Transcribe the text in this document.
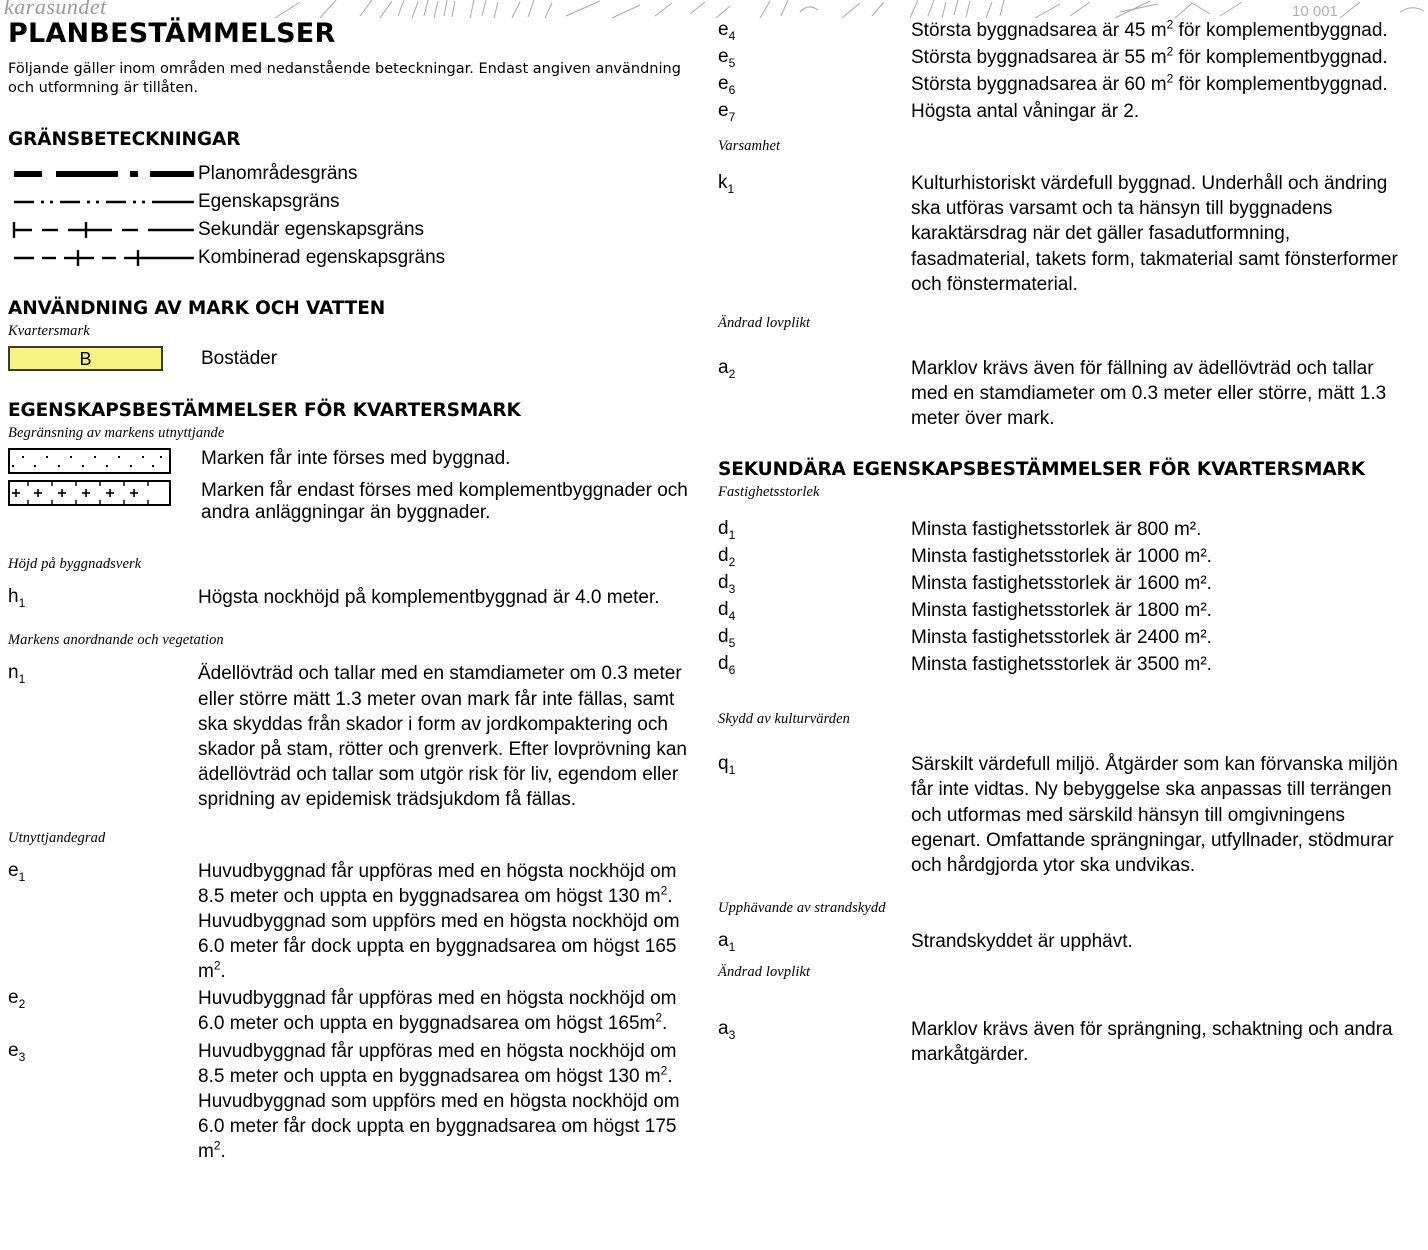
10 001
karasundet
PLANBESTÄMMELSER

Följande gäller inom områden med nedanstående beteckningar. Endast angiven användning och utformning är tillåten.

GRÄNSBETECKNINGAR
Planområdesgräns
Egenskapsgräns
Sekundär egenskapsgräns
Kombinerad egenskapsgräns
ANVÄNDNING AV MARK OCH VATTEN
Kvartersmark
B	Bostäder
EGENSKAPSBESTÄMMELSER FÖR KVARTERSMARK
Begränsning av markens utnyttjande
Marken får inte förses med byggnad.
Marken får endast förses med komplementbyggnader och andra anläggningar än byggnader.
Höjd på byggnadsverk
$h_1$	Högsta nockhöjd på komplementbyggnad är 4.0 meter.
Markens anordnande och vegetation
$n_1$	Ädellövträd och tallar med en stamdiameter om 0.3 meter eller större mätt 1.3 meter ovan mark får inte fällas, samt ska skyddas från skador i form av jordkompaktering och skador på stam, rötter och grenverk. Efter lovprövning kan ädellövträd och tallar som utgör risk för liv, egendom eller spridning av epidemisk trädsjukdom få fällas.
Utnyttjandegrad
$e_1$	Huvudbyggnad får uppföras med en högsta nockhöjd om 8.5 meter och uppta en byggnadsarea om högst 130 $m^2$. Huvudbyggnad som uppförs med en högsta nockhöjd om 6.0 meter får dock uppta en byggnadsarea om högst 165 $m^2$.
$e_2$	Huvudbyggnad får uppföras med en högsta nockhöjd om 6.0 meter och uppta en byggnadsarea om högst $165m^2$.
$e_3$	Huvudbyggnad får uppföras med en högsta nockhöjd om 8.5 meter och uppta en byggnadsarea om högst 130 $m^2$. Huvudbyggnad som uppförs med en högsta nockhöjd om 6.0 meter får dock uppta en byggnadsarea om högst 175 $m^2$.
$e_4$	Största byggnadsarea är 45 $m^2$ för komplementbyggnad.
$e_5$	Största byggnadsarea är 55 $m^2$ för komplementbyggnad.
$e_6$	Största byggnadsarea är 60 $m^2$ för komplementbyggnad.
$e_7$	Högsta antal våningar är 2.
Varsamhet
$k_1$	Kulturhistoriskt värdefull byggnad. Underhåll och ändring ska utföras varsamt och ta hänsyn till byggnadens karaktärsdrag när det gäller fasadutformning, fasadmaterial, takets form, takmaterial samt fönsterformer och fönstermaterial.
Ändrad lovplikt
$a_2$	Marklov krävs även för fällning av ädellövträd och tallar med en stamdiameter om 0.3 meter eller större, mätt 1.3 meter över mark.
SEKUNDÄRA EGENSKAPSBESTÄMMELSER FÖR KVARTERSMARK
Fastighetsstorlek
$d_1$	Minsta fastighetsstorlek är 800 m².
$d_2$	Minsta fastighetsstorlek är 1000 m².
$d_3$	Minsta fastighetsstorlek är 1600 m².
$d_4$	Minsta fastighetsstorlek är 1800 m².
$d_5$	Minsta fastighetsstorlek är 2400 m².
$d_6$	Minsta fastighetsstorlek är 3500 m².
Skydd av kulturvärden
$q_1$	Särskilt värdefull miljö. Åtgärder som kan förvanska miljön får inte vidtas. Ny bebyggelse ska anpassas till terrängen och utformas med särskild hänsyn till omgivningens egenart. Omfattande sprängningar, utfyllnader, stödmurar och hårdgjorda ytor ska undvikas.
Upphävande av strandskydd
$a_1$	Strandskyddet är upphävt.
Ändrad lovplikt
$a_3$	Marklov krävs även för sprängning, schaktning och andra markåtgärder.
